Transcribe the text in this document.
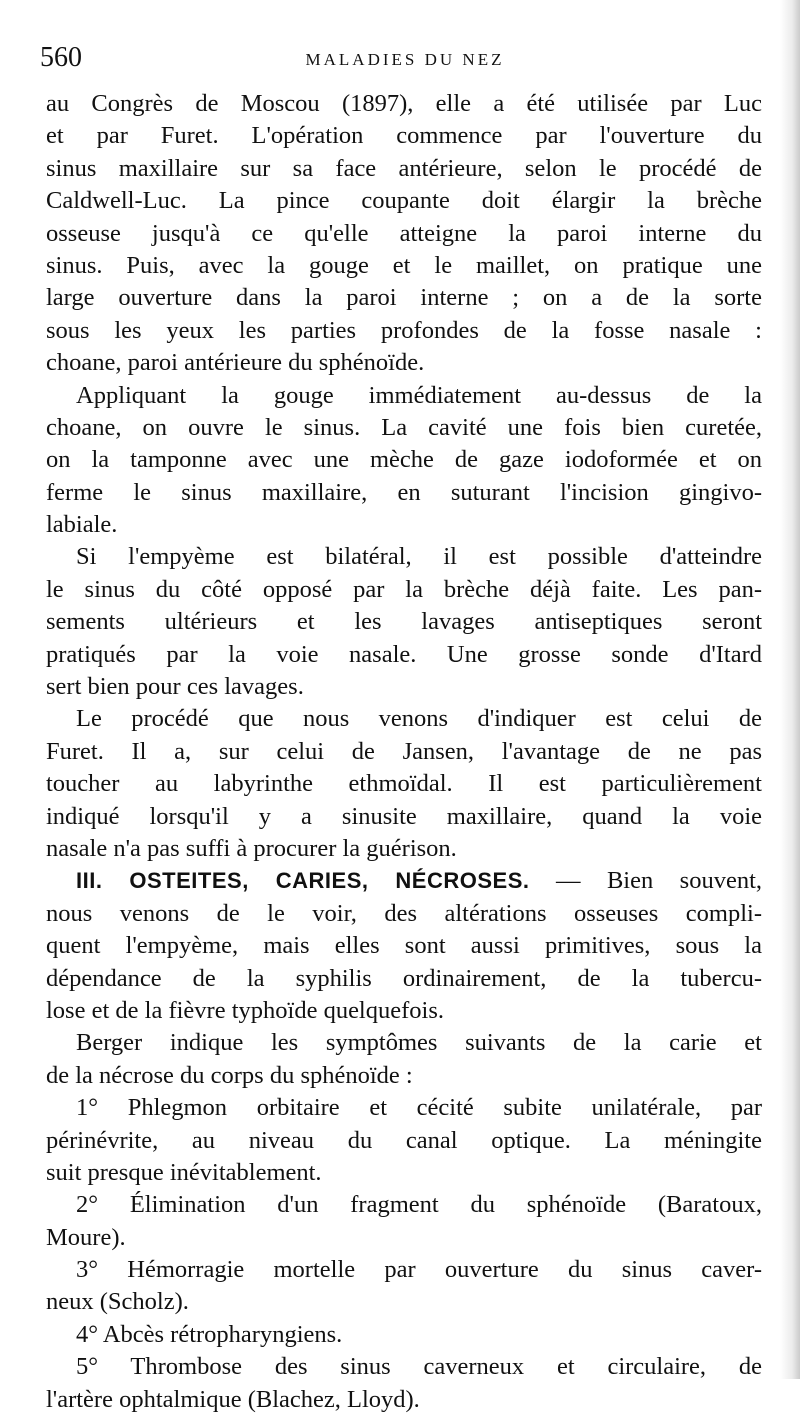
560	MALADIES DU NEZ
au Congrès de Moscou (1897), elle a été utilisée par Luc
et par Furet. L'opération commence par l'ouverture du
sinus maxillaire sur sa face antérieure, selon le procédé de
Caldwell-Luc. La pince coupante doit élargir la brèche
osseuse jusqu'à ce qu'elle atteigne la paroi interne du
sinus. Puis, avec la gouge et le maillet, on pratique une
large ouverture dans la paroi interne ; on a de la sorte
sous les yeux les parties profondes de la fosse nasale :
choane, paroi antérieure du sphénoïde.
Appliquant la gouge immédiatement au-dessus de la
choane, on ouvre le sinus. La cavité une fois bien curetée,
on la tamponne avec une mèche de gaze iodoformée et on
ferme le sinus maxillaire, en suturant l'incision gingivo-
labiale.
Si l'empyème est bilatéral, il est possible d'atteindre
le sinus du côté opposé par la brèche déjà faite. Les pan-
sements ultérieurs et les lavages antiseptiques seront
pratiqués par la voie nasale. Une grosse sonde d'Itard
sert bien pour ces lavages.
Le procédé que nous venons d'indiquer est celui de
Furet. Il a, sur celui de Jansen, l'avantage de ne pas
toucher au labyrinthe ethmoïdal. Il est particulièrement
indiqué lorsqu'il y a sinusite maxillaire, quand la voie
nasale n'a pas suffi à procurer la guérison.
III. OSTEITES, CARIES, NÉCROSES. — Bien souvent,
nous venons de le voir, des altérations osseuses compli-
quent l'empyème, mais elles sont aussi primitives, sous la
dépendance de la syphilis ordinairement, de la tubercu-
lose et de la fièvre typhoïde quelquefois.
Berger indique les symptômes suivants de la carie et
de la nécrose du corps du sphénoïde :
1° Phlegmon orbitaire et cécité subite unilatérale, par
périnévrite, au niveau du canal optique. La méningite
suit presque inévitablement.
2° Élimination d'un fragment du sphénoïde (Baratoux,
Moure).
3° Hémorragie mortelle par ouverture du sinus caver-
neux (Scholz).
4° Abcès rétropharyngiens.
5° Thrombose des sinus caverneux et circulaire, de
l'artère ophtalmique (Blachez, Lloyd).
